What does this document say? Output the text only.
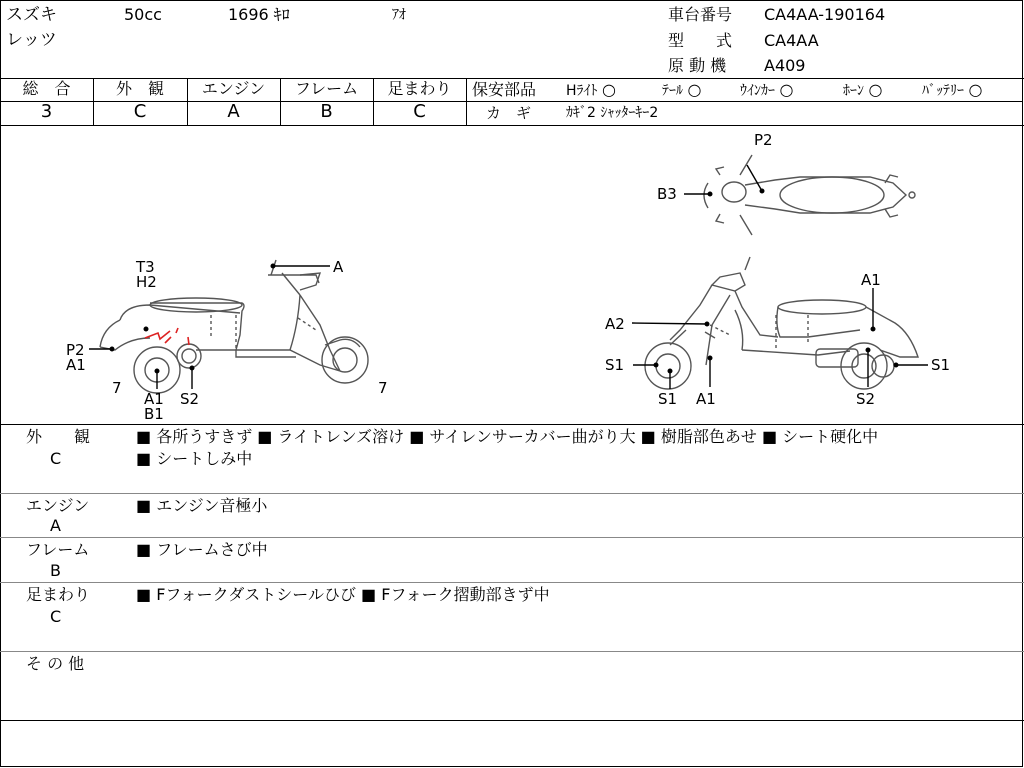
スズキ	50cc	1696 ｷﾛ	ｱｵ
レッツ
車台番号 CA4AA-190164
型　　式 CA4AA
原 動 機 A409
総　合	外　観	エンジン	フレーム	足まわり
3	C	A	B	C
保安部品 Hﾗｲﾄ ○	ﾃｰﾙ ○	ｳｲﾝｶｰ ○	ﾎｰﾝ ○	ﾊﾞｯﾃﾘｰ ○
カ　ギ ｶｷﾞ2 ｼｬｯﾀｰｷｰ2
T3
H2
A
P2
A1
7
A1
B1
S2
7
P2
B3
A1
A2
S1	S1
S1 A1	S2
外　　観
C
■ 各所うすきず ■ ライトレンズ溶け ■ サイレンサーカバー曲がり大 ■ 樹脂部色あせ ■ シート硬化中
■ シートしみ中
エンジン
A
■ エンジン音極小
フレーム
B
■ フレームさび中
足まわり
C
■ Fフォークダストシールひび ■ Fフォーク摺動部きず中
そ の 他
